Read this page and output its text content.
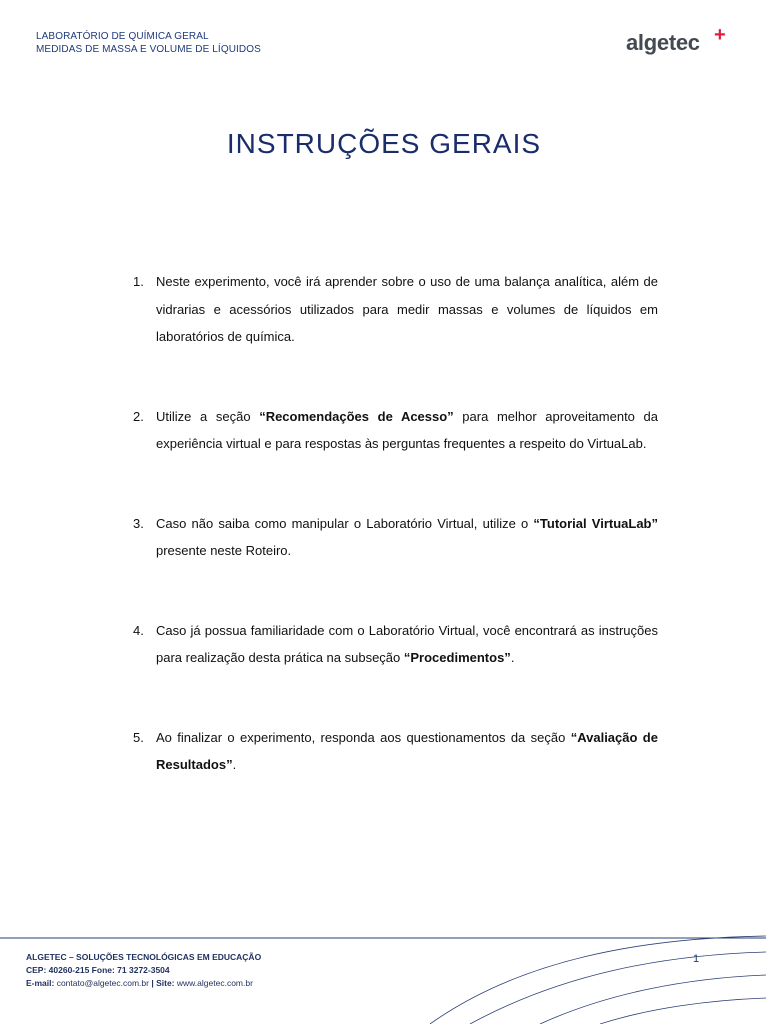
LABORATÓRIO DE QUÍMICA GERAL
MEDIDAS DE MASSA E VOLUME DE LÍQUIDOS	algetec +
INSTRUÇÕES GERAIS
1. Neste experimento, você irá aprender sobre o uso de uma balança analítica, além de vidrarias e acessórios utilizados para medir massas e volumes de líquidos em laboratórios de química.
2. Utilize a seção “Recomendações de Acesso” para melhor aproveitamento da experiência virtual e para respostas às perguntas frequentes a respeito do VirtuaLab.
3. Caso não saiba como manipular o Laboratório Virtual, utilize o “Tutorial VirtuaLab” presente neste Roteiro.
4. Caso já possua familiaridade com o Laboratório Virtual, você encontrará as instruções para realização desta prática na subseção “Procedimentos”.
5. Ao finalizar o experimento, responda aos questionamentos da seção “Avaliação de Resultados”.
ALGETEC – SOLUÇÕES TECNOLÓGICAS EM EDUCAÇÃO
CEP: 40260-215 Fone: 71 3272-3504
E-mail: contato@algetec.com.br | Site: www.algetec.com.br
1
